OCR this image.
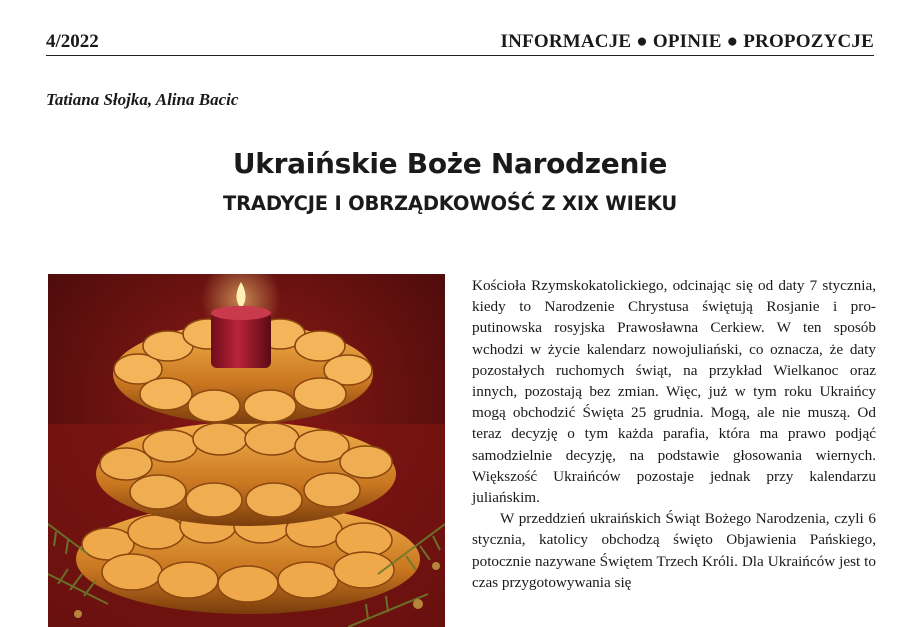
4/2022	INFORMACJE ● OPINIE ● PROPOZYCJE
Tatiana Słojka, Alina Bacic
Ukraińskie Boże Narodzenie
TRADYCJE I OBRZĄDKOWOŚĆ Z XIX WIEKU

Kościoła Rzymskokatolickiego, odcinając się od daty 7 stycznia, kiedy to Narodzenie Chrystusa świętują Rosjanie i pro-putinowska rosyjska Prawosławna Cerkiew. W ten sposób wchodzi w życie kalendarz nowojuliański, co oznacza, że daty pozostałych ruchomych świąt, na przykład Wielkanoc oraz innych, pozostają bez zmian. Więc, już w tym roku Ukraińcy mogą obchodzić Święta 25 grudnia. Mogą, ale nie muszą. Od teraz decyzję o tym każda parafia, która ma prawo podjąć samodzielnie decyzję, na podstawie głosowania wiernych. Większość Ukraińców pozostaje jednak przy kalendarzu juliańskim.

W przeddzień ukraińskich Świąt Bożego Narodzenia, czyli 6 stycznia, katolicy obchodzą święto Objawienia Pańskiego, potocznie nazywane Świętem Trzech Króli. Dla Ukraińców jest to czas przygotowywania się
